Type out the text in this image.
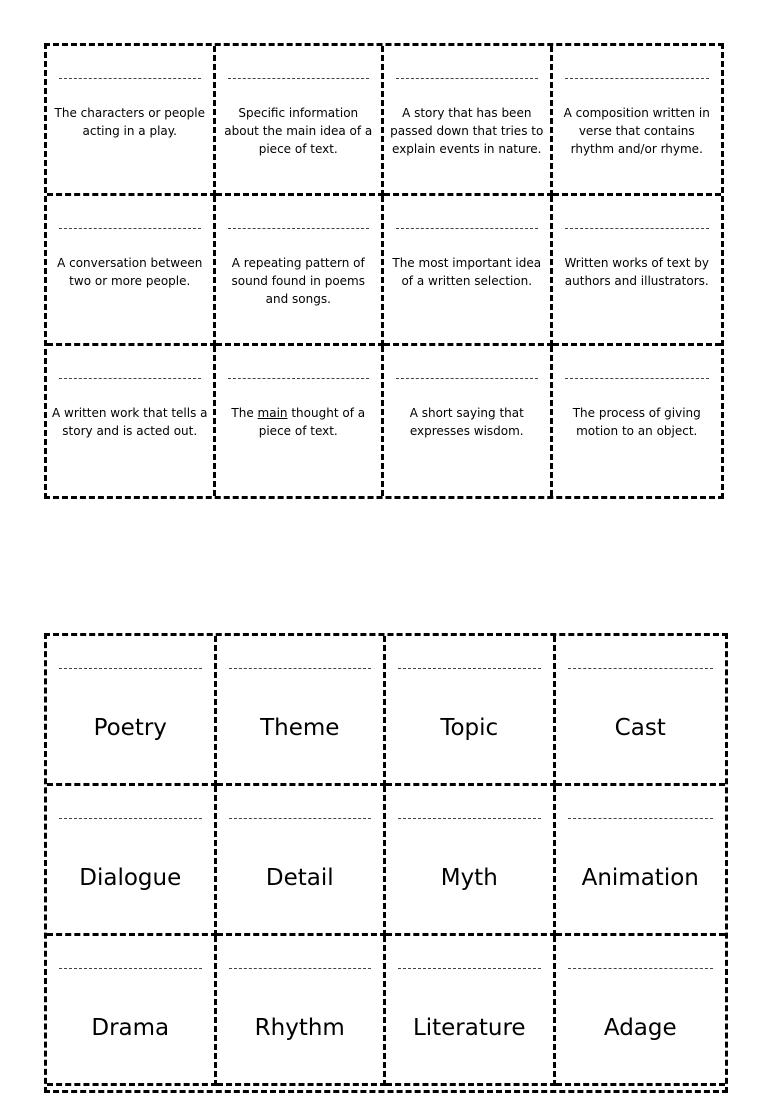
The characters or people acting in a play.
Specific information about the main idea of a piece of text.
A story that has been passed down that tries to explain events in nature.
A composition written in verse that contains rhythm and/or rhyme.
A conversation between two or more people.
A repeating pattern of sound found in poems and songs.
The most important idea of a written selection.
Written works of text by authors and illustrators.
A written work that tells a story and is acted out.
The main thought of a piece of text.
A short saying that expresses wisdom.
The process of giving motion to an object.
Poetry	Theme	Topic	Cast
Dialogue	Detail	Myth	Animation
Drama	Rhythm	Literature	Adage
